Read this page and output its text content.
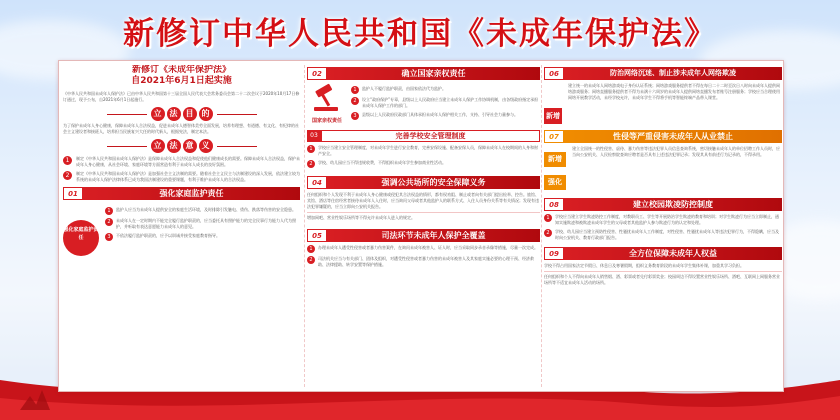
新修订中华人民共和国《未成年保护法》
新修订《未成年保护法》
自2021年6月1日起实施

《中华人民共和国未成年人保护法》已由中华人民共和国第十三届全国人民代表大会常务委员会第二十二次会议于2020年10月17日修订通过，现予公布，自2021年6月1日起施行。

立	法	目	的

为了保护未成年人身心健康，保障未成年人合法权益，促进未成年人德智体美劳全面发展，培养有理想、有道德、有文化、有纪律的社会主义建设者和接班人，培养担当民族复兴大任的时代新人，根据宪法，制定本法。

立	法	意	义
1	制定《中华人民共和国未成年人保护法》是保障未成年人合法权益和促使他们健康成长的需要。保障未成年人合法权益，保护未成年人身心健康，从社会环境、家庭环境等方面营造有利于未成年人成长的良好氛围。

2	制定《中华人民共和国未成年人保护法》是加强社会主义法制的需要。随着社会主义民主与法制建设的深入发展，依法建立较为系统的未成年人保护法律体系已成为我国法制建设的重要课题，有利于维护未成年人的合法权益。

01	强化家庭监护责任
强化家庭监护责任
1	监护人应当为未成年人提供安全的家庭生活环境，及时排除引发触电、烫伤、跌落等伤害的安全隐患。

2	未成年人在一定时期内不能完全履行监护职责的，应当委托具有照护能力的完全民事行为能力人代为照护，并听取有表达意愿能力未成年人的意见。

3	不依法履行监护职责的，应予以训诫并接受家庭教育指导。

02	确立国家亲权责任
国家亲权责任
1	监护人不履行监护职责，由国家依法代为监护。

2	设立“政府保护”专章，县级以上人民政府应当建立未成年人保护工作协调机制，由各级政府指定承担未成年人保护工作的部门。

3	县级以上人民政府民政部门具体承担未成年人保护相关工作，支持、引导社会力量参与。

03	完善学校安全管理制度
1	学校应当建立安全管理制度，对未成年学生进行安全教育，完善安保设施、配备安保人员，保障未成年人在校期间的人身和财产安全。

2	学校、幼儿园应当不得违规收费，不得组织未成年学生参加商业性活动。

04	强调公共场所的安全保障义务

任何组织和个人发现不利于未成年人身心健康或侵犯其合法权益的情形，都有权劝阻、制止或者向有关部门提出检举、控告。旅馆、宾馆、酒店等住宿经营者接待未成年人入住时，应当询问父母或者其他监护人的联系方式、入住人员身份关系等有关情况；发现有违法犯罪嫌疑的，应当立即向公安机关报告。

增加网吧、营业性娱乐场所等不得允许未成年人进入的规定。

05	司法环节未成年人保护全覆盖
1	办理未成年人遭受性侵害或者暴力伤害案件，在询问未成年被害人、证人时，应当采取同步录音录像等措施，尽量一次完成。

2	司法机关应当与有关部门、团体及组织，对遭受性侵害或者暴力伤害的未成年被害人及其家庭实施必要的心理干预、经济救助、法律援助、转学安置等保护措施。

06	防治网络沉迷、制止涉未成年人网络欺凌
新增

建立统一的未成年人网络游戏电子身份认证系统；网络游戏服务提供者不得在每日二十二时至次日八时向未成年人提供网络游戏服务；网络直播服务提供者不得为未满十六周岁的未成年人提供网络直播发布者账号注册服务；学校应当合理使用网络开展教学活动，未经学校允许，未成年学生不得将手机等智能终端产品带入课堂。

07	性侵等严重侵害未成年人从业禁止
新增 强化

建立全国统一的性侵害、虐待、暴力伤害等违法犯罪人员信息查询系统，密切接触未成年人的单位招聘工作人员时，应当向公安机关、人民检察院查询应聘者是否具有上述违法犯罪记录；发现其具有前述行为记录的，不得录用。

08	建立校园欺凌防控制度
1	学校应当建立学生欺凌防控工作制度，对教职员工、学生等开展防治学生欺凌的教育和培训；对学生欺凌行为应当立即制止，通知实施欺凌和被欺凌未成年学生的父母或者其他监护人参与欺凌行为的认定和处理。

2	学校、幼儿园应当建立预防性侵害、性骚扰未成年人工作制度，对性侵害、性骚扰未成年人等违法犯罪行为，不得隐瞒，应当及时向公安机关、教育行政部门报告。

09	全方位保障未成年人权益

学校不得占用国家法定节假日、休息日及寒暑假期，组织义务教育阶段的未成年学生集体补课，加重其学习负担。

任何组织和个人不得向未成年人销售烟、酒、彩票或者兑付彩票奖金；校园周边不得设置营业性娱乐场所、酒吧、互联网上网服务营业场所等不适宜未成年人活动的场所。
